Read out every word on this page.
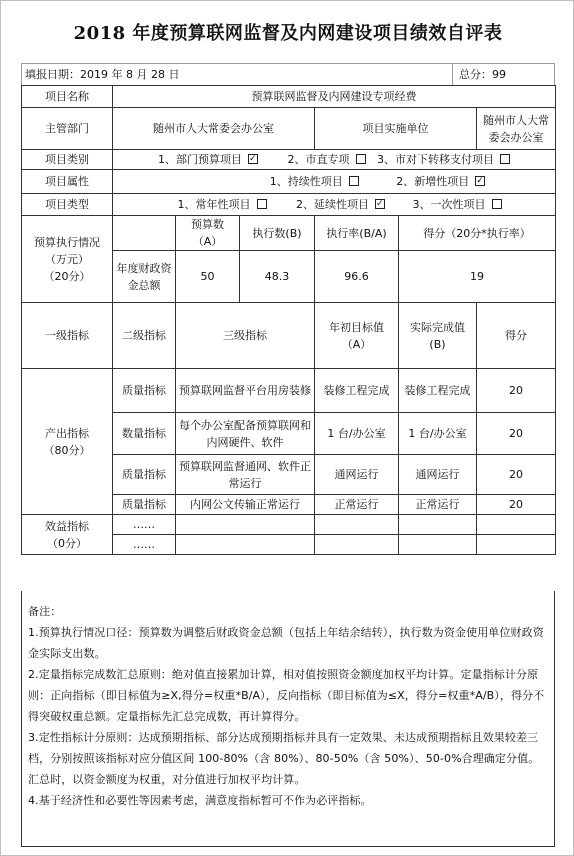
2018 年度预算联网监督及内网建设项目绩效自评表
填报日期：2019 年 8 月 28 日	总分：99
项目名称	预算联网监督及内网建设专项经费					
主管部门	随州市人大常委会办公室			项目实施单位		随州市人大常委会办公室
项目类别	1、部门预算项目 ✓ 2、市直专项 3、市对下转移支付项目
项目属性	1、持续性项目 2、新增性项目✓
项目类型	1、常年性项目 2、延续性项目 ✓ 3、一次性项目

预算执行情况
（万元）
（20分）		预算数（A）	执行数(B)	执行率(B/A)	得分（20分*执行率）	
	年度财政资金总额	50	48.3	96.6	19	
一级指标	二级指标	三级指标		年初目标值（A）	实际完成值(B)	得分

产出指标
（80分）	质量指标	预算联网监督平台用房装修		装修工程完成	装修工程完成	20
	数量指标	每个办公室配备预算联网和内网硬件、软件		1 台/办公室	1 台/办公室	20
	质量指标	预算联网监督通网、软件正常运行		通网运行	通网运行	20
	质量指标	内网公文传输正常运行		正常运行	正常运行	20

效益指标
（0分）	……					
	……					

备注：

1.预算执行情况口径：预算数为调整后财政资金总额（包括上年结余结转），执行数为资金使用单位财政资金实际支出数。

2.定量指标完成数汇总原则：绝对值直接累加计算，相对值按照资金额度加权平均计算。定量指标计分原则：正向指标（即目标值为≥X,得分=权重*B/A），反向指标（即目标值为≤X，得分=权重*A/B），得分不得突破权重总额。定量指标先汇总完成数，再计算得分。

3.定性指标计分原则：达成预期指标、部分达成预期指标并具有一定效果、未达成预期指标且效果较差三档，分别按照该指标对应分值区间 100-80%（含 80%）、80-50%（含 50%）、50-0%合理确定分值。汇总时，以资金额度为权重，对分值进行加权平均计算。

4.基于经济性和必要性等因素考虑，满意度指标暂可不作为必评指标。
